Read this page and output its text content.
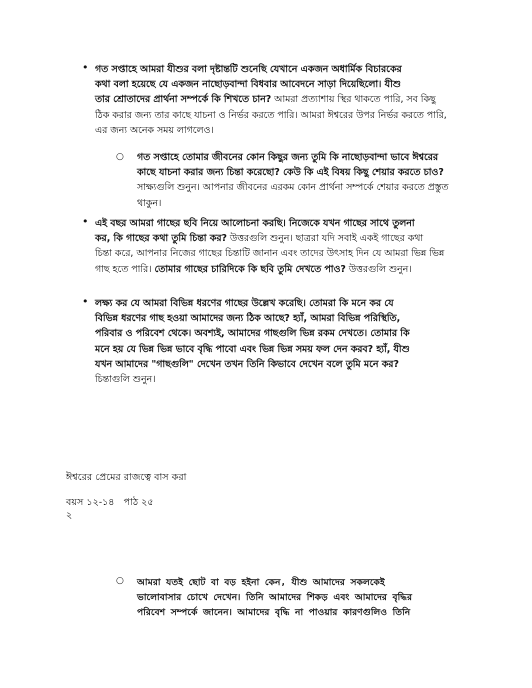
• গত সপ্তাহে আমরা যীশুর বলা দৃষ্টান্তটি শুনেছি যেখানে একজন অধার্মিক বিচারকের
কথা বলা হয়েছে যে একজন নাছোড়বান্দা বিধবার আবেদনে সাড়া দিয়েছিলো। যীশু
তার শ্রোতাদের প্রার্থনা সম্পর্কে কি শিখতে চান? আমরা প্রত্যাশায় স্থির থাকতে পারি, সব কিছু
ঠিক করার জন্য তার কাছে যাচনা ও নির্ভর করতে পারি। আমরা ঈশ্বরের উপর নির্ভর করতে পারি,
এর জন্য অনেক সময় লাগলেও।
○ গত সপ্তাহে তোমার জীবনের কোন কিছুর জন্য তুমি কি নাছোড়বান্দা ভাবে ঈশ্বরের
কাছে যাচনা করার জন্য চিন্তা করেছো? কেউ কি এই বিষয় কিছু শেয়ার করতে চাও?
সাক্ষ্যগুলি শুনুন। আপনার জীবনের এরকম কোন প্রার্থনা সম্পর্কে শেয়ার করতে প্রস্তুত
থাকুন।
• এই বছর আমরা গাছের ছবি নিয়ে আলোচনা করছি। নিজেকে যখন গাছের সাথে তুলনা
কর, কি গাছের কথা তুমি চিন্তা কর? উত্তরগুলি শুনুন। ছাত্ররা যদি সবাই একই গাছের কথা
চিন্তা করে, আপনার নিজের গাছের চিন্তাটি জানান এবং তাদের উৎসাহ দিন যে আমরা ভিন্ন ভিন্ন
গাছ হতে পারি। তোমার গাছের চারিদিকে কি ছবি তুমি দেখতে পাও? উত্তরগুলি শুনুন।
• লক্ষ্য কর যে আমরা বিভিন্ন ধরণের গাছের উল্লেখ করেছি। তোমরা কি মনে কর যে
বিভিন্ন ধরণের গাছ হওয়া আমাদের জন্য ঠিক আছে? হ্যাঁ, আমরা বিভিন্ন পরিস্থিতি,
পরিবার ও পরিবেশ থেকে। অবশ্যই, আমাদের গাছগুলি ভিন্ন রকম দেখতে। তোমার কি
মনে হয় যে ভিন্ন ভিন্ন ভাবে বৃদ্ধি পাবো এবং ভিন্ন ভিন্ন সময় ফল দেন করব? হ্যাঁ, যীশু
যখন আমাদের "গাছগুলি" দেখেন তখন তিনি কিভাবে দেখেন বলে তুমি মনে কর?
চিন্তাগুলি শুনুন।
ঈশ্বরের প্রেমের রাজত্বে বাস করা
বয়স ১২-১৪   পাঠ ২৫
২
○ আমরা যতই ছোট বা বড় হইনা কেন, যীশু আমাদের সকলকেই
ভালোবাসার চোখে দেখেন। তিনি আমাদের শিকড় এবং আমাদের বৃদ্ধির
পরিবেশ সম্পর্কে জানেন। আমাদের বৃদ্ধি না পাওয়ার কারণগুলিও তিনি
